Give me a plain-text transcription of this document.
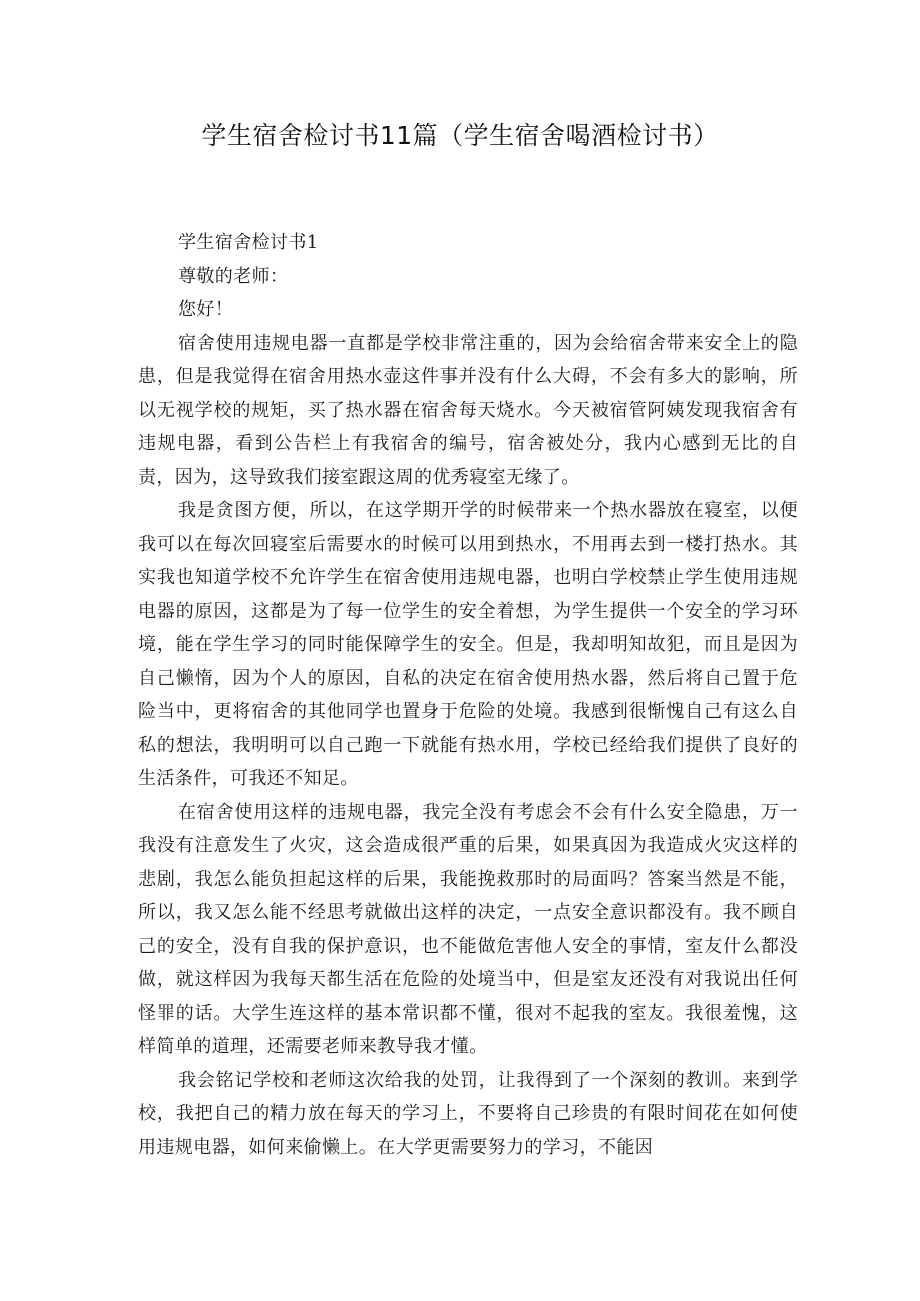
学生宿舍检讨书11篇（学生宿舍喝酒检讨书）

学生宿舍检讨书1

尊敬的老师：

您好！

宿舍使用违规电器一直都是学校非常注重的，因为会给宿舍带来安全上的隐患，但是我觉得在宿舍用热水壶这件事并没有什么大碍，不会有多大的影响，所以无视学校的规矩，买了热水器在宿舍每天烧水。今天被宿管阿姨发现我宿舍有违规电器，看到公告栏上有我宿舍的编号，宿舍被处分，我内心感到无比的自责，因为，这导致我们接室跟这周的优秀寝室无缘了。

我是贪图方便，所以，在这学期开学的时候带来一个热水器放在寝室，以便我可以在每次回寝室后需要水的时候可以用到热水，不用再去到一楼打热水。其实我也知道学校不允许学生在宿舍使用违规电器，也明白学校禁止学生使用违规电器的原因，这都是为了每一位学生的安全着想，为学生提供一个安全的学习环境，能在学生学习的同时能保障学生的安全。但是，我却明知故犯，而且是因为自己懒惰，因为个人的原因，自私的决定在宿舍使用热水器，然后将自己置于危险当中，更将宿舍的其他同学也置身于危险的处境。我感到很惭愧自己有这么自私的想法，我明明可以自己跑一下就能有热水用，学校已经给我们提供了良好的生活条件，可我还不知足。

在宿舍使用这样的违规电器，我完全没有考虑会不会有什么安全隐患，万一我没有注意发生了火灾，这会造成很严重的后果，如果真因为我造成火灾这样的悲剧，我怎么能负担起这样的后果，我能挽救那时的局面吗？答案当然是不能，所以，我又怎么能不经思考就做出这样的决定，一点安全意识都没有。我不顾自己的安全，没有自我的保护意识，也不能做危害他人安全的事情，室友什么都没做，就这样因为我每天都生活在危险的处境当中，但是室友还没有对我说出任何怪罪的话。大学生连这样的基本常识都不懂，很对不起我的室友。我很羞愧，这样简单的道理，还需要老师来教导我才懂。

我会铭记学校和老师这次给我的处罚，让我得到了一个深刻的教训。来到学校，我把自己的精力放在每天的学习上，不要将自己珍贵的有限时间花在如何使用违规电器，如何来偷懒上。在大学更需要努力的学习，不能因
